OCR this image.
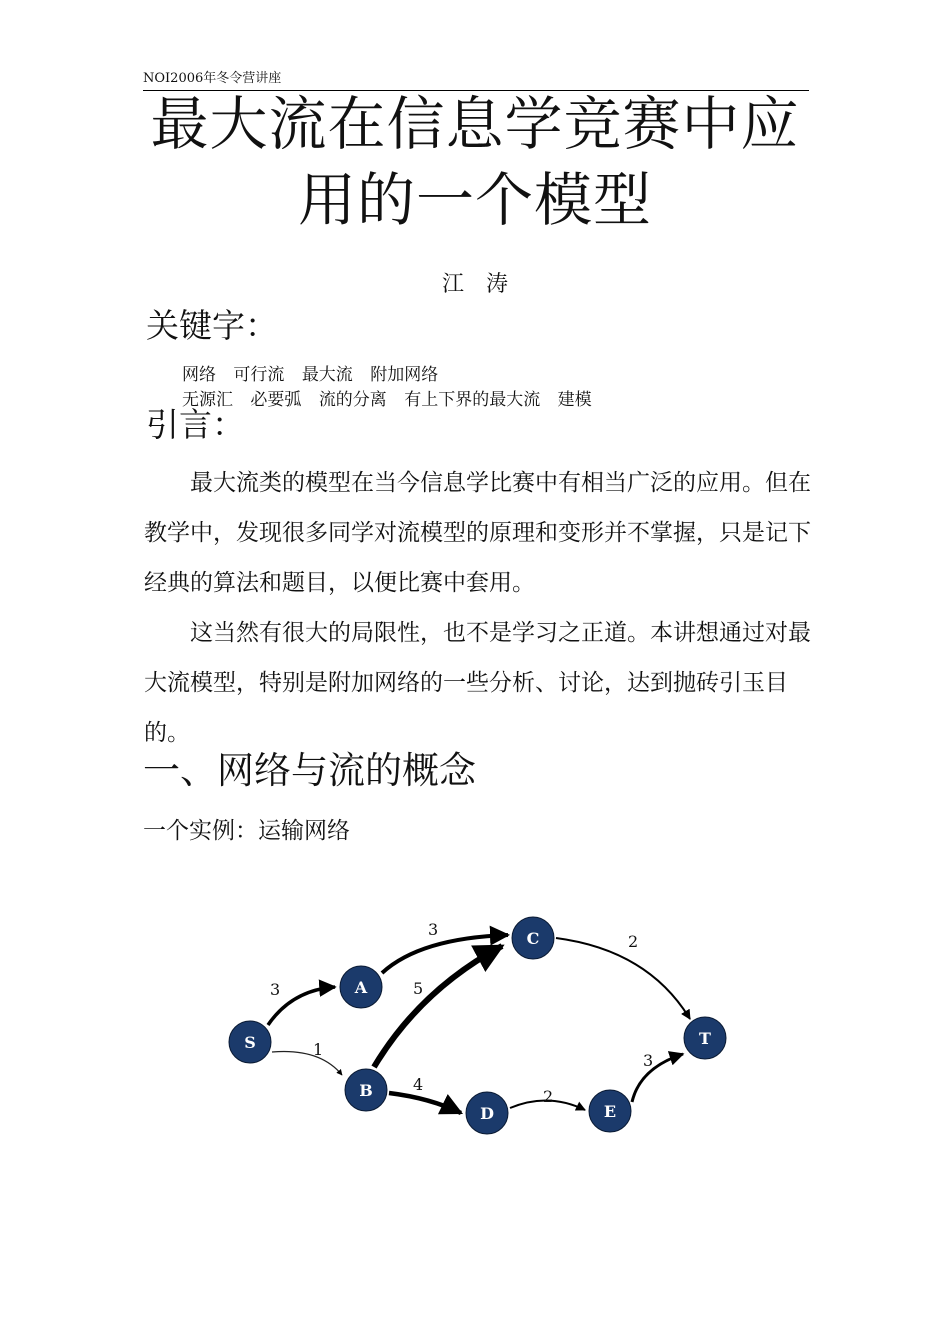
NOI2006年冬令营讲座
最大流在信息学竞赛中应
用的一个模型
江　涛
关键字：
网络 可行流 最大流 附加网络
无源汇 必要弧 流的分离 有上下界的最大流 建模
引言：

最大流类的模型在当今信息学比赛中有相当广泛的应用。但在教学中，发现很多同学对流模型的原理和变形并不掌握，只是记下经典的算法和题目，以便比赛中套用。

这当然有很大的局限性，也不是学习之正道。本讲想通过对最大流模型，特别是附加网络的一些分析、讨论，达到抛砖引玉目的。

一、网络与流的概念
一个实例：运输网络
3
1
3
5
4
2
2
3
S
A
B
C
D	E
T
